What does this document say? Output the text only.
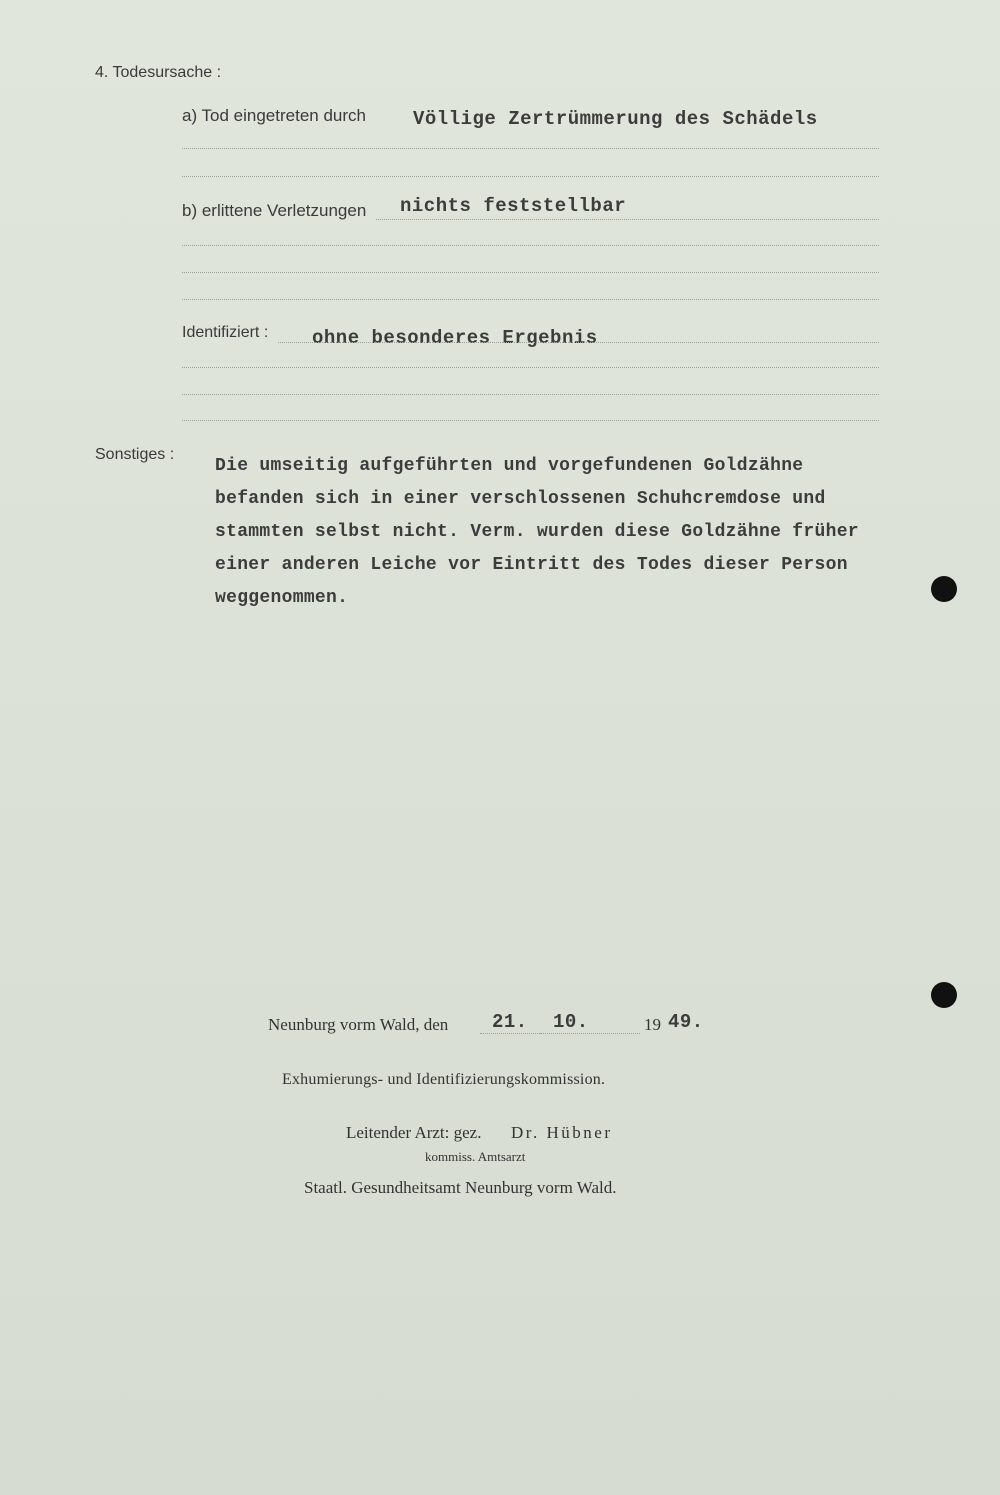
4. Todesursache :
a) Tod eingetreten durch Völlige Zertrümmerung des Schädels
b) erlittene Verletzungen nichts feststellbar
Identifiziert : ohne besonderes Ergebnis
Sonstiges :

Die umseitig aufgeführten und vorgefundenen Goldzähne

befanden sich in einer verschlossenen Schuhcremdose und

stammten selbst nicht. Verm. wurden diese Goldzähne früher

einer anderen Leiche vor Eintritt des Todes dieser Person

weggenommen.

Neunburg vorm Wald, den 21. 10.	19 49.
Exhumierungs- und Identifizierungskommission.
Leitender Arzt: gez. Dr. Hübner
kommiss. Amtsarzt
Staatl. Gesundheitsamt Neunburg vorm Wald.
